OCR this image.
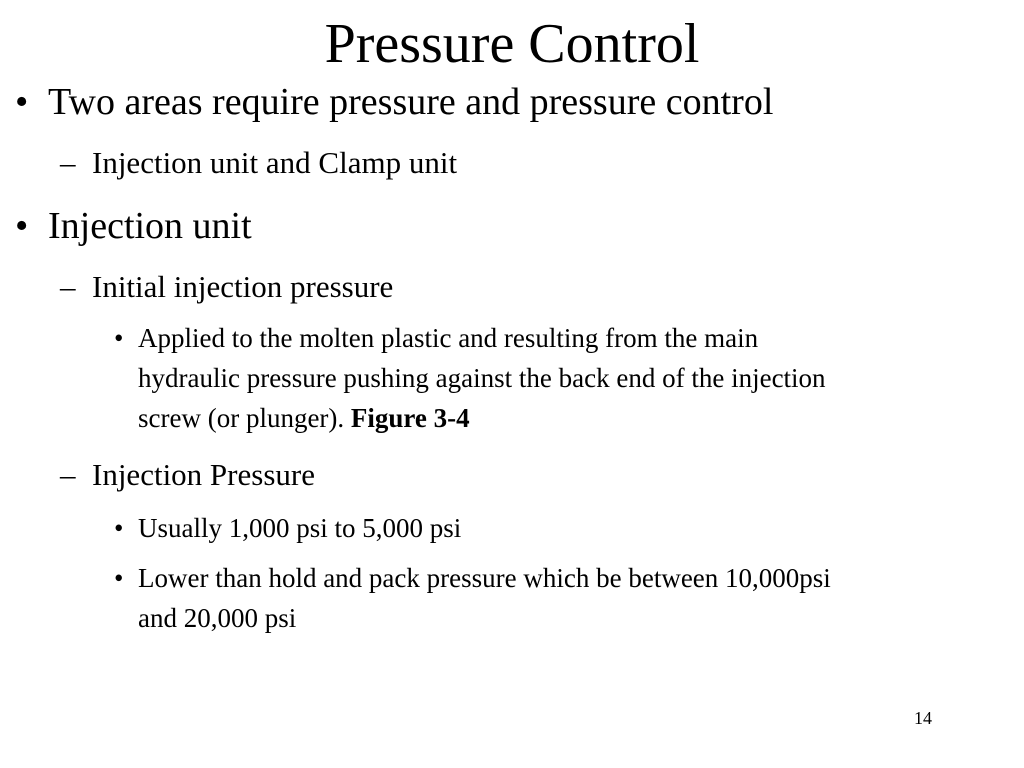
Pressure Control
• Two areas require pressure and pressure control
– Injection unit and Clamp unit
• Injection unit
– Initial injection pressure
• Applied to the molten plastic and resulting from the main
hydraulic pressure pushing against the back end of the injection
screw (or plunger). Figure 3-4
– Injection Pressure
• Usually 1,000 psi to 5,000 psi
• Lower than hold and pack pressure which be between 10,000psi
and 20,000 psi
14
